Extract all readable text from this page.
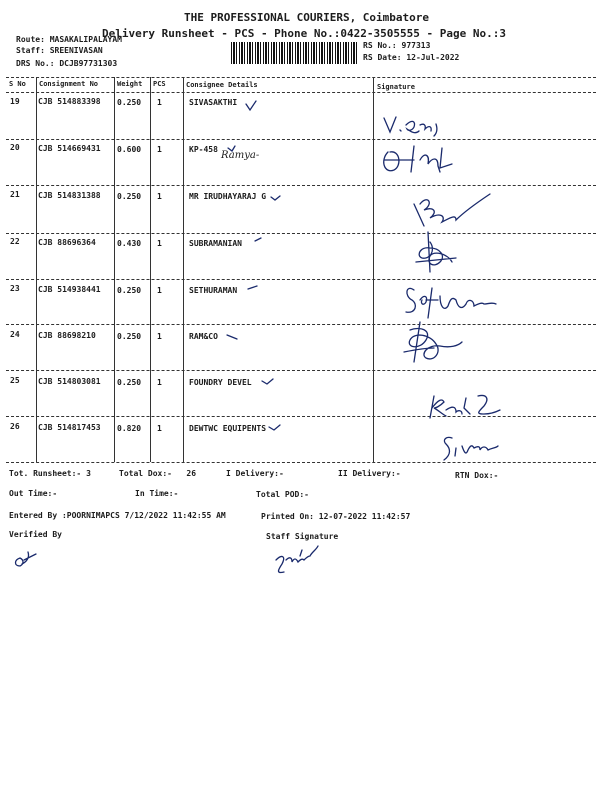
THE PROFESSIONAL COURIERS, Coimbatore
Delivery Runsheet - PCS - Phone No.:0422-3505555 - Page No.:3
Route: MASAKALIPALAYAM
Staff: SREENIVASAN
DRS No.: DCJB97731303
RS No.: 977313
RS Date: 12-Jul-2022
S No Consignment No	Weight PCS	Consignee Details	Signature
19 CJB 514883398 0.250 1	SIVASAKTHI
20 CJB 514669431 0.600 1	KP-458
Ramya-
21 CJB 514831388 0.250 1	MR IRUDHAYARAJ G
22 CJB 88696364	0.430 1	SUBRAMANIAN
23 CJB 514938441 0.250 1	SETHURAMAN
24 CJB 88698210	0.250 1	RAM&CO
25 CJB 514803081 0.250 1	FOUNDRY DEVEL
26 CJB 514817453 0.820 1	DEWTWC EQUIPENTS
Tot. Runsheet:- 3	Total Dox:-   26	I Delivery:-	II Delivery:-	RTN Dox:-
Out Time:-	In Time:-	Total POD:-
Entered By :POORNIMAPCS 7/12/2022 11:42:55 AM	Printed On: 12-07-2022 11:42:57
Verified By	Staff Signature
